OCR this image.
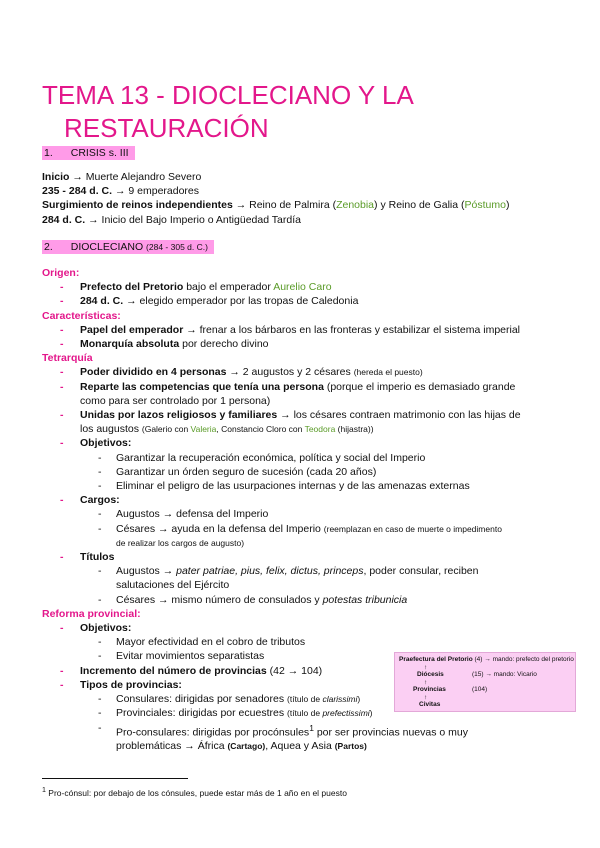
TEMA 13 - DIOCLECIANO Y LA
RESTAURACIÓN
1. CRISIS s. III
Inicio → Muerte Alejandro Severo
235 - 284 d. C. → 9 emperadores
Surgimiento de reinos independientes → Reino de Palmira (Zenobia) y Reino de Galia (Póstumo)
284 d. C. → Inicio del Bajo Imperio o Antigüedad Tardía
2. DIOCLECIANO (284 - 305 d. C.)
Origen:
- Prefecto del Pretorio bajo el emperador Aurelio Caro
- 284 d. C. → elegido emperador por las tropas de Caledonia
Características:
- Papel del emperador → frenar a los bárbaros en las fronteras y estabilizar el sistema imperial
- Monarquía absoluta por derecho divino
Tetrarquía
- Poder dividido en 4 personas → 2 augustos y 2 césares (hereda el puesto)
- Reparte las competencias que tenía una persona (porque el imperio es demasiado grande
como para ser controlado por 1 persona)
- Unidas por lazos religiosos y familiares → los césares contraen matrimonio con las hijas de
los augustos (Galerio con Valeria, Constancio Cloro con Teodora (hijastra))
- Objetivos:
- Garantizar la recuperación económica, política y social del Imperio
- Garantizar un órden seguro de sucesión (cada 20 años)
- Eliminar el peligro de las usurpaciones internas y de las amenazas externas
- Cargos:
- Augustos → defensa del Imperio
- Césares → ayuda en la defensa del Imperio (reemplazan en caso de muerte o impedimento
de realizar los cargos de augusto)
- Títulos
- Augustos → pater patriae, pius, felix, dictus, princeps, poder consular, reciben
salutaciones del Ejército
- Césares → mismo número de consulados y potestas tribunicia
Reforma provincial:
- Objetivos:
- Mayor efectividad en el cobro de tributos
- Evitar movimientos separatistas
- Incremento del número de provincias (42 → 104)
- Tipos de provincias:
- Consulares: dirigidas por senadores (título de clarissimi)
- Provinciales: dirigidas por ecuestres (título de prefectissimi)
- Pro-consulares: dirigidas por procónsules$^1$ por ser provincias nuevas o muy
problemáticas → África (Cartago), Aquea y Asia (Partos)
Praefectura del Pretorio (4) → mando: prefecto del pretorio
↑
Diócesis	(15) → mando: Vicario
↑
Provincias	(104)
↑
Civitas
$^1$ Pro-cónsul: por debajo de los cónsules, puede estar más de 1 año en el puesto
